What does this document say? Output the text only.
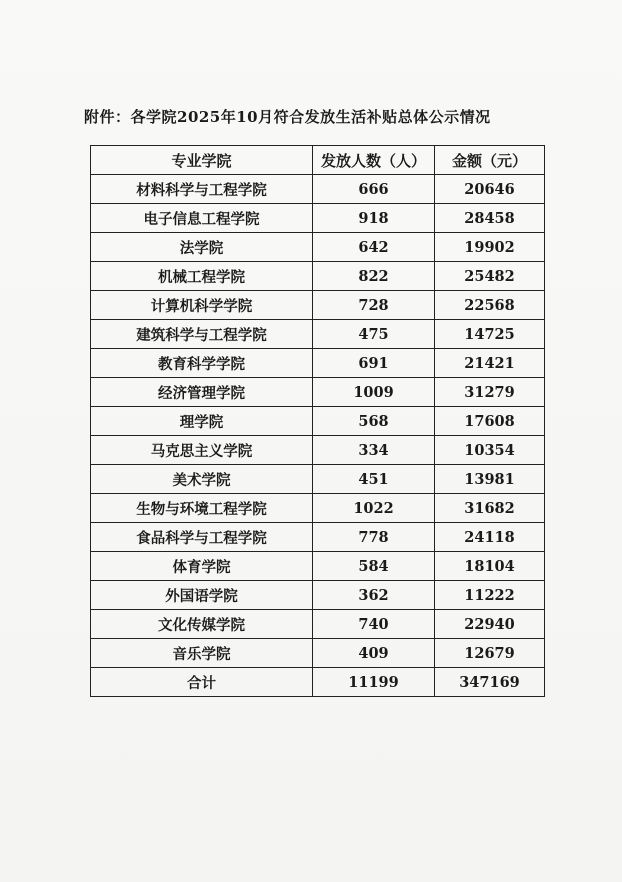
附件：各学院2025年10月符合发放生活补贴总体公示情况
专业学院	发放人数（人）	金额（元）
材料科学与工程学院	666	20646
电子信息工程学院	918	28458
法学院	642	19902
机械工程学院	822	25482
计算机科学学院	728	22568
建筑科学与工程学院	475	14725
教育科学学院	691	21421
经济管理学院	1009	31279
理学院	568	17608
马克思主义学院	334	10354
美术学院	451	13981
生物与环境工程学院	1022	31682
食品科学与工程学院	778	24118
体育学院	584	18104
外国语学院	362	11222
文化传媒学院	740	22940
音乐学院	409	12679
合计	11199	347169
